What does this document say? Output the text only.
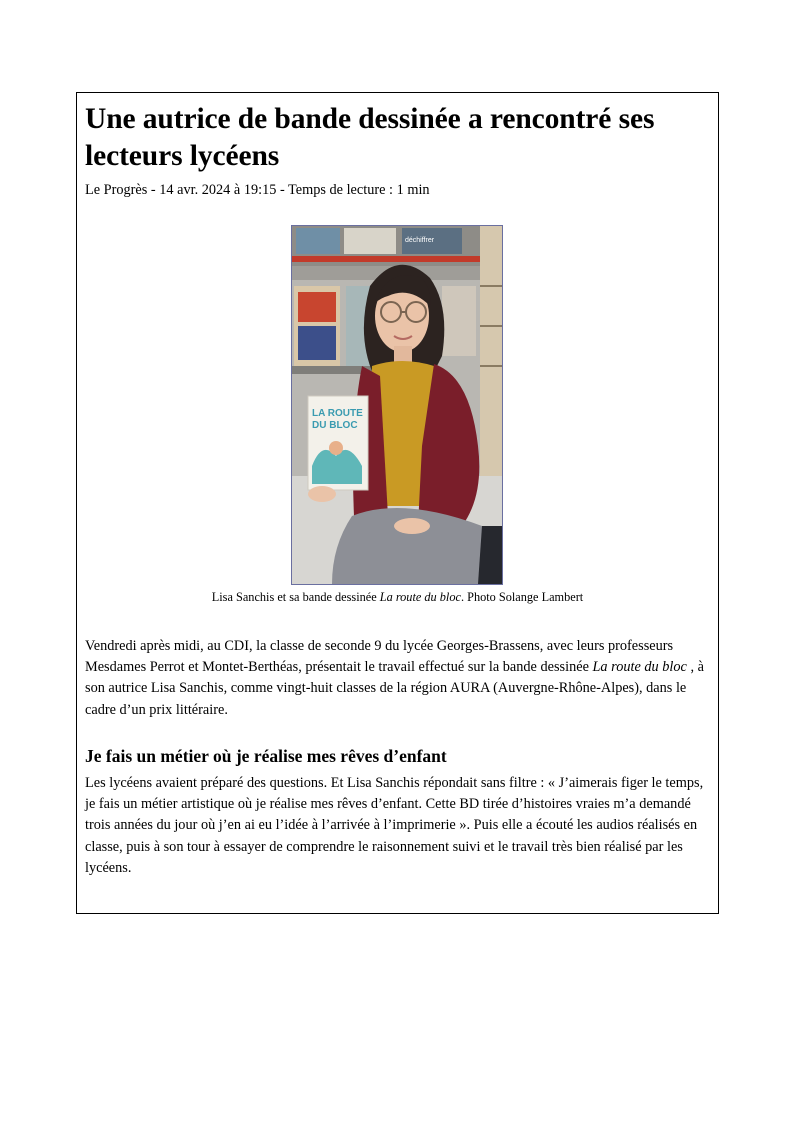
Une autrice de bande dessinée a rencontré ses lecteurs lycéens
Le Progrès - 14 avr. 2024 à 19:15 - Temps de lecture : 1 min
déchiffrer
LA ROUTE
DU BLOC
Lisa Sanchis et sa bande dessinée La route du bloc. Photo Solange Lambert

Vendredi après midi, au CDI, la classe de seconde 9 du lycée Georges-Brassens, avec leurs professeurs Mesdames Perrot et Montet-Berthéas, présentait le travail effectué sur la bande dessinée La route du bloc , à son autrice Lisa Sanchis, comme vingt-huit classes de la région AURA (Auvergne-Rhône-Alpes), dans le cadre d’un prix littéraire.

Je fais un métier où je réalise mes rêves d’enfant

Les lycéens avaient préparé des questions. Et Lisa Sanchis répondait sans filtre : « J’aimerais figer le temps, je fais un métier artistique où je réalise mes rêves d’enfant. Cette BD tirée d’histoires vraies m’a demandé trois années du jour où j’en ai eu l’idée à l’arrivée à l’imprimerie ». Puis elle a écouté les audios réalisés en classe, puis à son tour à essayer de comprendre le raisonnement suivi et le travail très bien réalisé par les lycéens.
